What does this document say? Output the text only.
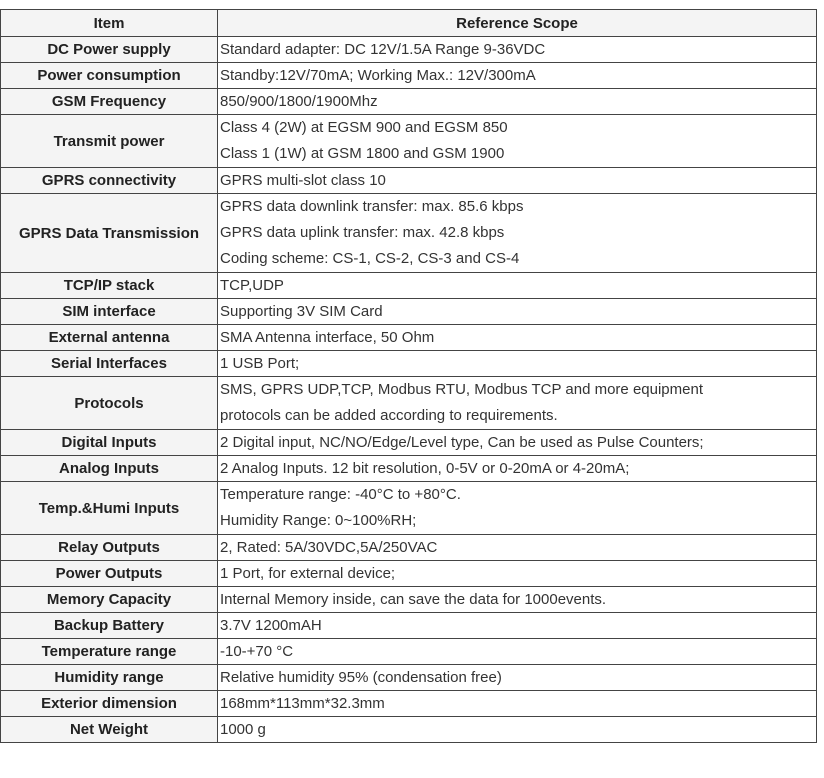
Item	Reference Scope
DC Power supply	Standard adapter: DC 12V/1.5A Range 9-36VDC

Power consumption	Standby:12V/70mA; Working Max.: 12V/300mA

GSM Frequency	850/900/1800/1900Mhz

Transmit power	Class 4 (2W) at EGSM 900 and EGSM 850
Class 1 (1W) at GSM 1800 and GSM 1900

GPRS connectivity	GPRS multi-slot class 10

GPRS Data Transmission	GPRS data downlink transfer: max. 85.6 kbps
GPRS data uplink transfer: max. 42.8 kbps
Coding scheme: CS-1, CS-2, CS-3 and CS-4

TCP/IP stack	TCP,UDP

SIM interface	Supporting 3V SIM Card

External antenna	SMA Antenna interface, 50 Ohm

Serial Interfaces	1 USB Port;

Protocols	SMS, GPRS UDP,TCP, Modbus RTU, Modbus TCP and more equipment
protocols can be added according to requirements.

Digital Inputs	2 Digital input, NC/NO/Edge/Level type, Can be used as Pulse Counters;

Analog Inputs	2 Analog Inputs. 12 bit resolution, 0-5V or 0-20mA or 4-20mA;

Temp.&Humi Inputs	Temperature range: -40°C to +80°C.
Humidity Range: 0~100%RH;

Relay Outputs	2, Rated: 5A/30VDC,5A/250VAC

Power Outputs	1 Port, for external device;

Memory Capacity	Internal Memory inside, can save the data for 1000events.

Backup Battery	3.7V 1200mAH

Temperature range	-10-+70 °C

Humidity range	Relative humidity 95% (condensation free)

Exterior dimension	168mm*113mm*32.3mm

Net Weight	1000 g
